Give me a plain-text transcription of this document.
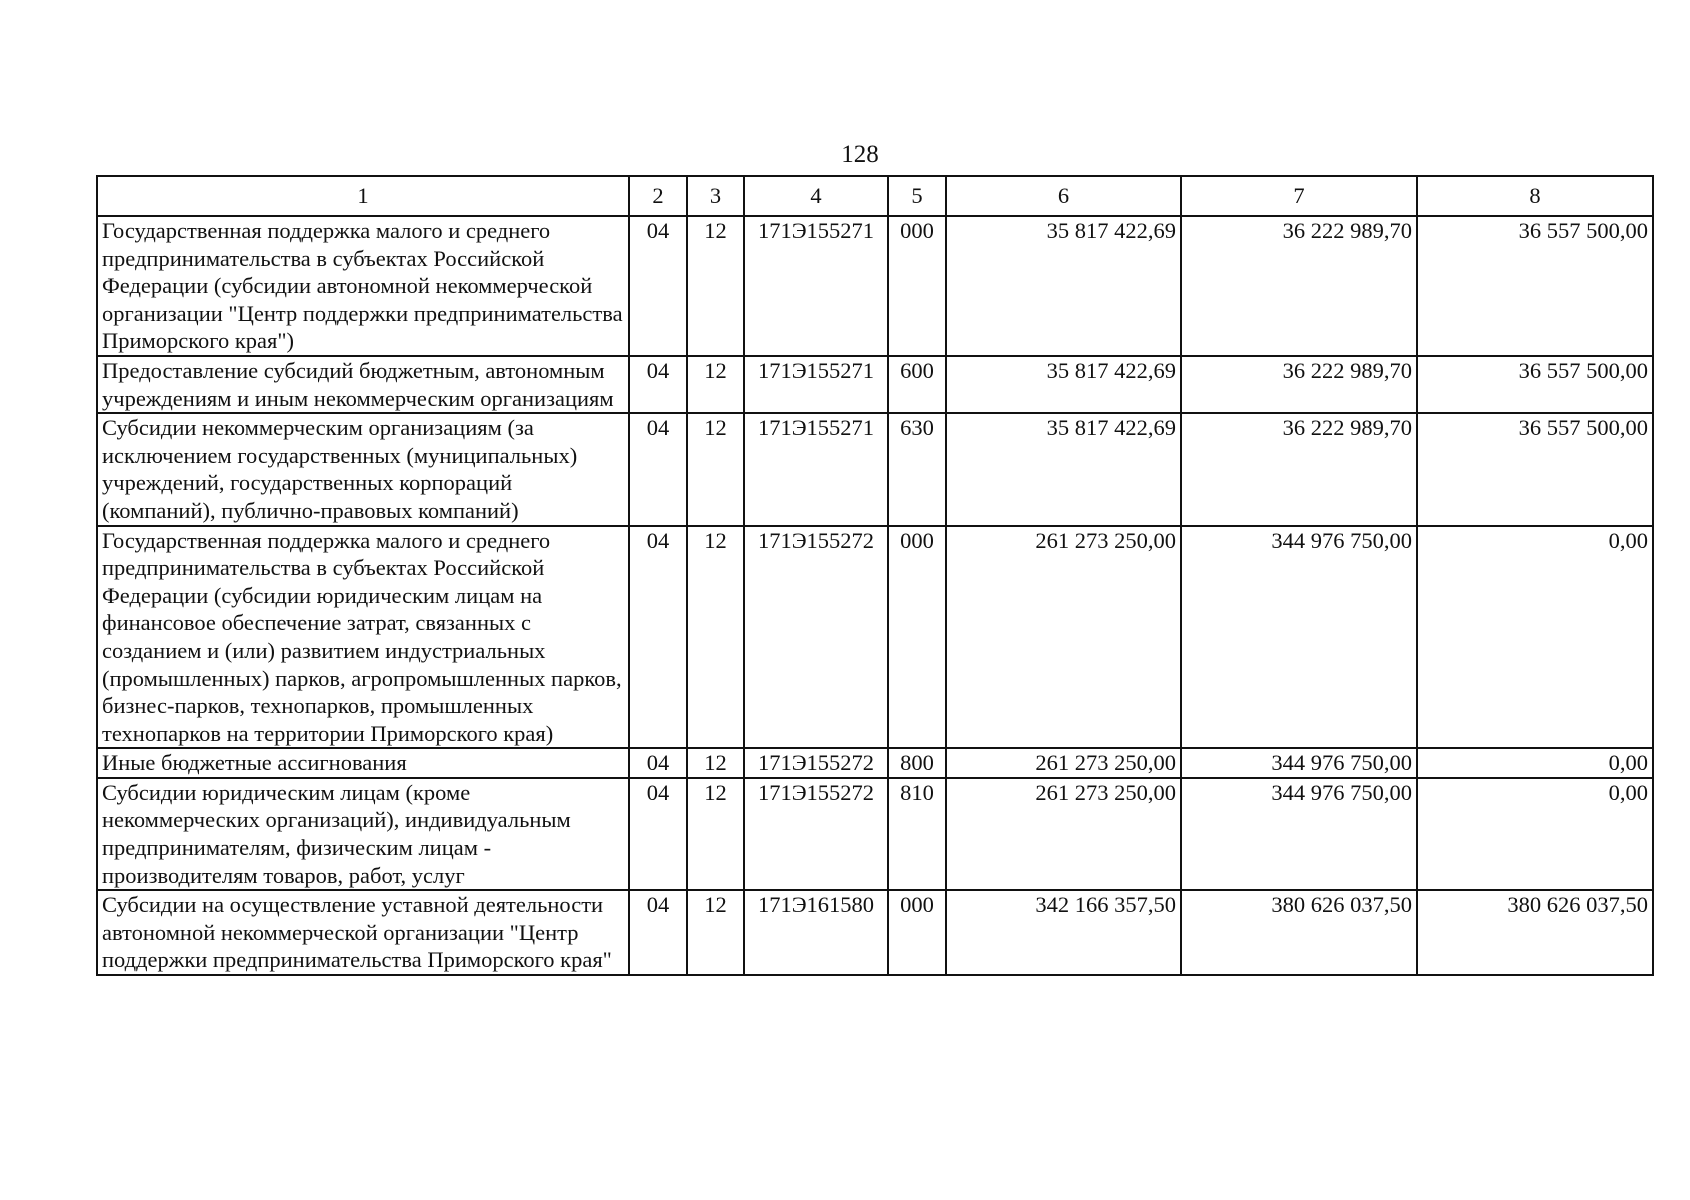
128
1	2	3	4	5	6	7	8
Государственная поддержка малого и среднего предпринимательства в субъектах Российской Федерации (субсидии автономной некоммерческой организации "Центр поддержки предпринимательства Приморского края")	04	12	171Э155271	000	35 817 422,69	36 222 989,70	36 557 500,00
Предоставление субсидий бюджетным, автономным учреждениям и иным некоммерческим организациям	04	12	171Э155271	600	35 817 422,69	36 222 989,70	36 557 500,00
Субсидии некоммерческим организациям (за исключением государственных (муниципальных) учреждений, государственных корпораций (компаний), публично-правовых компаний)	04	12	171Э155271	630	35 817 422,69	36 222 989,70	36 557 500,00
Государственная поддержка малого и среднего предпринимательства в субъектах Российской Федерации (субсидии юридическим лицам на финансовое обеспечение затрат, связанных с созданием и (или) развитием индустриальных (промышленных) парков, агропромышленных парков, бизнес-парков, технопарков, промышленных технопарков на территории Приморского края)	04	12	171Э155272	000	261 273 250,00	344 976 750,00	0,00
Иные бюджетные ассигнования	04	12	171Э155272	800	261 273 250,00	344 976 750,00	0,00
Субсидии юридическим лицам (кроме некоммерческих организаций), индивидуальным предпринимателям, физическим лицам - производителям товаров, работ, услуг	04	12	171Э155272	810	261 273 250,00	344 976 750,00	0,00
Субсидии на осуществление уставной деятельности автономной некоммерческой организации "Центр поддержки предпринимательства Приморского края"	04	12	171Э161580	000	342 166 357,50	380 626 037,50	380 626 037,50
